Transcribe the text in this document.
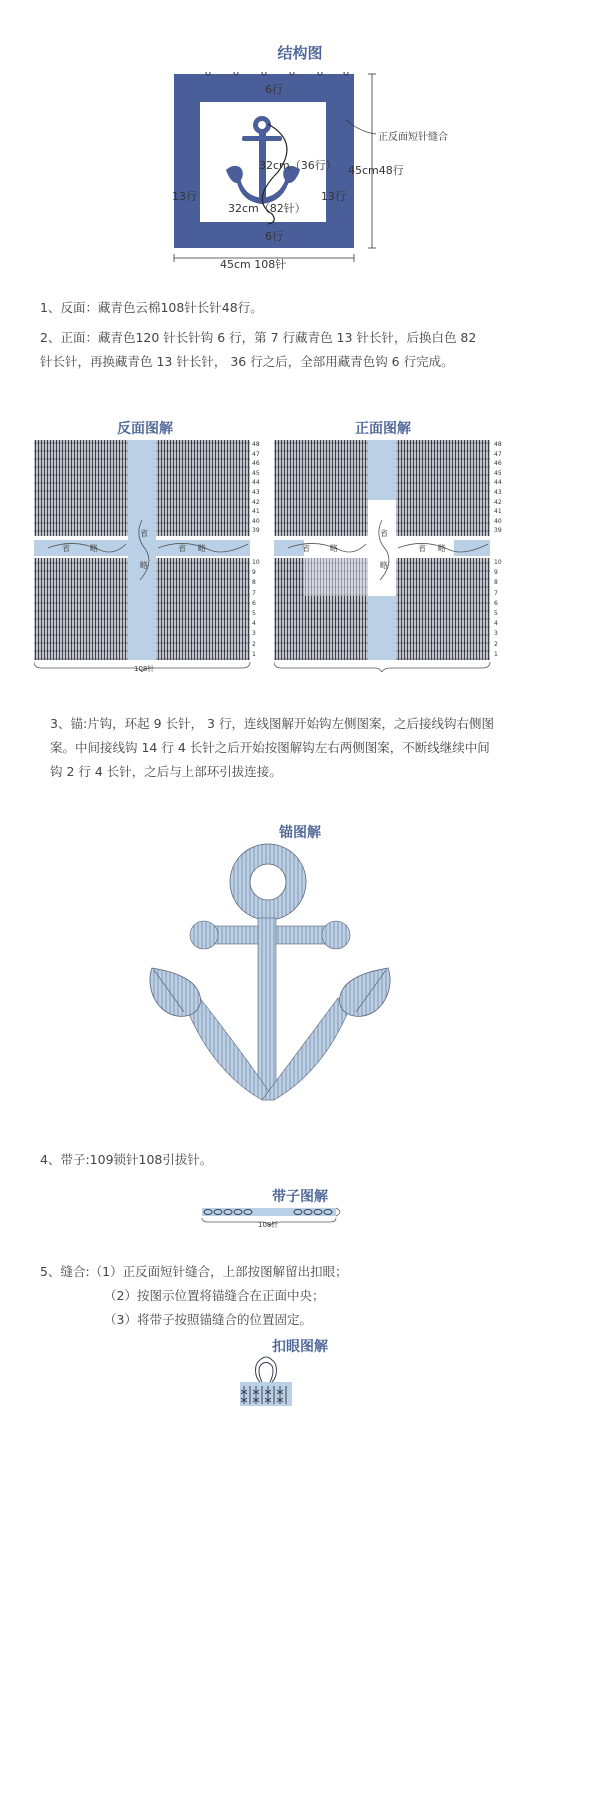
结构图
6行
6行
13行	13行
32cm（36行）
32cm（82针）
45cm48行
45cm 108针
正反面短针缝合
1、反面：藏青色云棉108针长针48行。
2、正面：藏青色120 针长针钩 6 行，第 7 行藏青色 13 针长针，后换白色 82 针长针，再换藏青色 13 针长针， 36 行之后，全部用藏青色钩 6 行完成。
反面图解	正面图解
省	略	省 略
省
略
108针
48
47
46
45
44
43
42
41
40
39
10
9
8
7
6
5
4
3
2
1
省	略	省 略
省
略
48
47
46
45
44
43
42
41
40
39
10
9
8
7
6
5
4
3
2
1
3、锚:片钩，环起 9 长针， 3 行，连线图解开始钩左侧图案，之后接线钩右侧图案。中间接线钩 14 行 4 长针之后开始按图解钩左右两侧图案，不断线继续中间钩 2 行 4 长针，之后与上部环引拔连接。
锚图解
4、带子:109锁针108引拔针。
带子图解
108针
5、缝合:（1）正反面短针缝合，上部按图解留出扣眼；
（2）按图示位置将锚缝合在正面中央；
（3）将带子按照锚缝合的位置固定。
扣眼图解
